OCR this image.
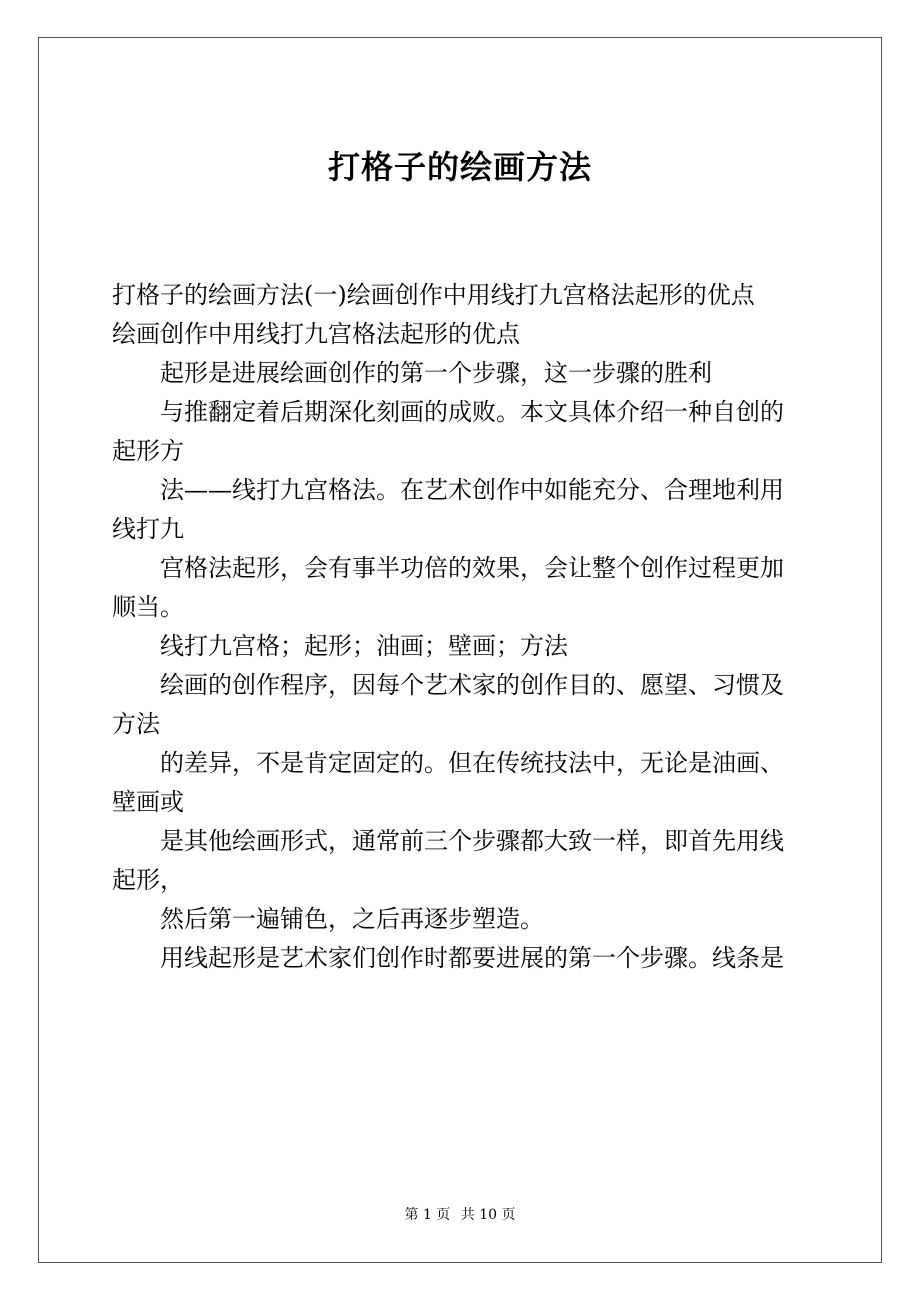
打格子的绘画方法
打格子的绘画方法(一)绘画创作中用线打九宫格法起形的优点
绘画创作中用线打九宫格法起形的优点
起形是进展绘画创作的第一个步骤，这一步骤的胜利
与推翻定着后期深化刻画的成败。本文具体介绍一种自创的
起形方
法——线打九宫格法。在艺术创作中如能充分、合理地利用
线打九
宫格法起形，会有事半功倍的效果，会让整个创作过程更加
顺当。
线打九宫格；起形；油画；壁画；方法
绘画的创作程序，因每个艺术家的创作目的、愿望、习惯及
方法
的差异，不是肯定固定的。但在传统技法中，无论是油画、
壁画或
是其他绘画形式，通常前三个步骤都大致一样，即首先用线
起形，
然后第一遍铺色，之后再逐步塑造。
用线起形是艺术家们创作时都要进展的第一个步骤。线条是
第 1 页 共 10 页
